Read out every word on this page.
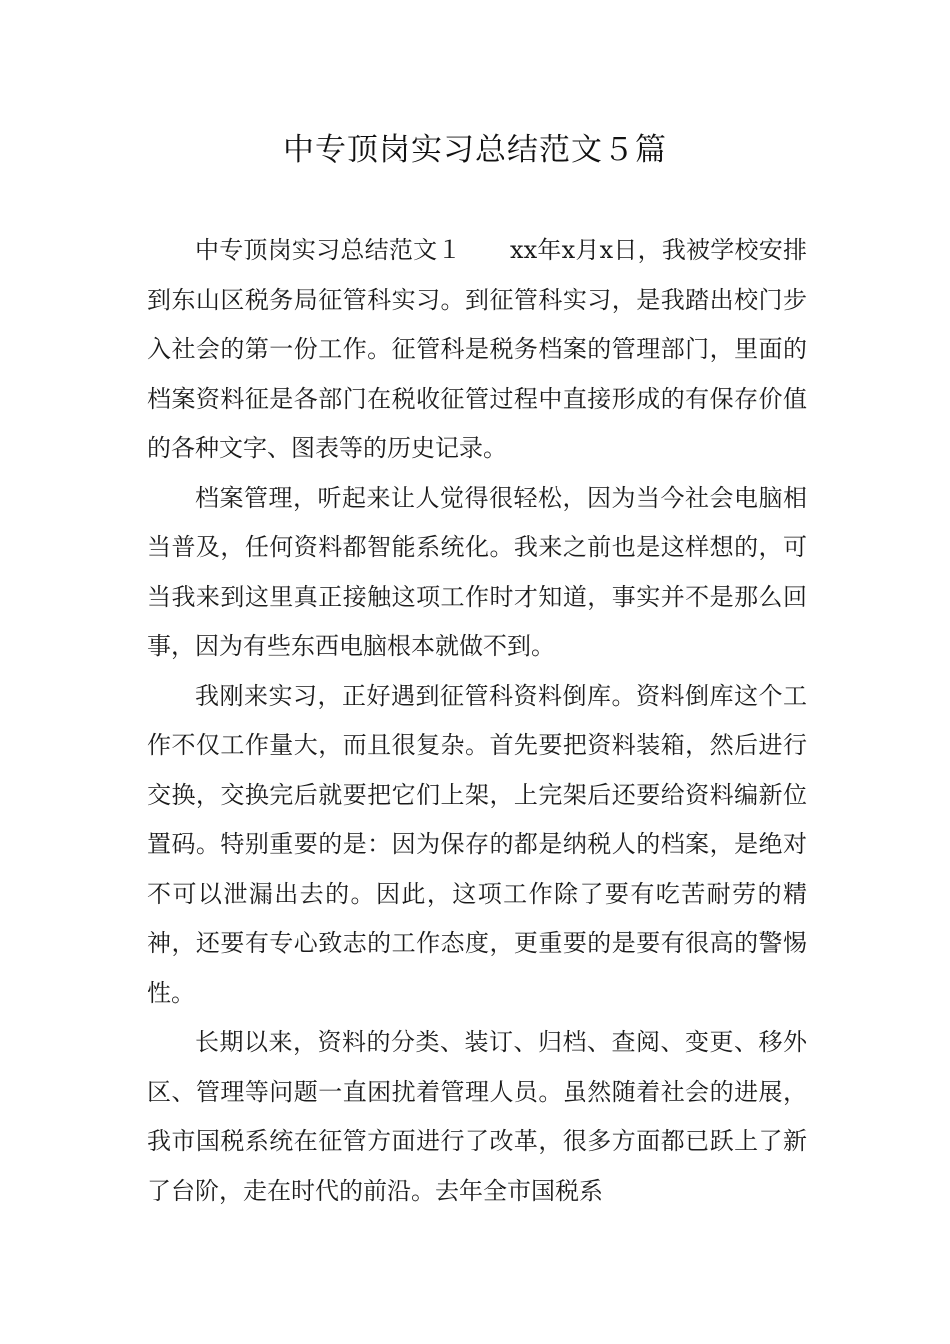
中专顶岗实习总结范文５篇

中专顶岗实习总结范文１　　xx年x月x日，我被学校安排到东山区税务局征管科实习。到征管科实习，是我踏出校门步入社会的第一份工作。征管科是税务档案的管理部门，里面的档案资料征是各部门在税收征管过程中直接形成的有保存价值的各种文字、图表等的历史记录。

档案管理，听起来让人觉得很轻松，因为当今社会电脑相当普及，任何资料都智能系统化。我来之前也是这样想的，可当我来到这里真正接触这项工作时才知道，事实并不是那么回事，因为有些东西电脑根本就做不到。

我刚来实习，正好遇到征管科资料倒库。资料倒库这个工作不仅工作量大，而且很复杂。首先要把资料装箱，然后进行交换，交换完后就要把它们上架，上完架后还要给资料编新位置码。特别重要的是：因为保存的都是纳税人的档案，是绝对不可以泄漏出去的。因此，这项工作除了要有吃苦耐劳的精神，还要有专心致志的工作态度，更重要的是要有很高的警惕性。

长期以来，资料的分类、装订、归档、查阅、变更、移外区、管理等问题一直困扰着管理人员。虽然随着社会的进展，我市国税系统在征管方面进行了改革，很多方面都已跃上了新了台阶，走在时代的前沿。去年全市国税系
